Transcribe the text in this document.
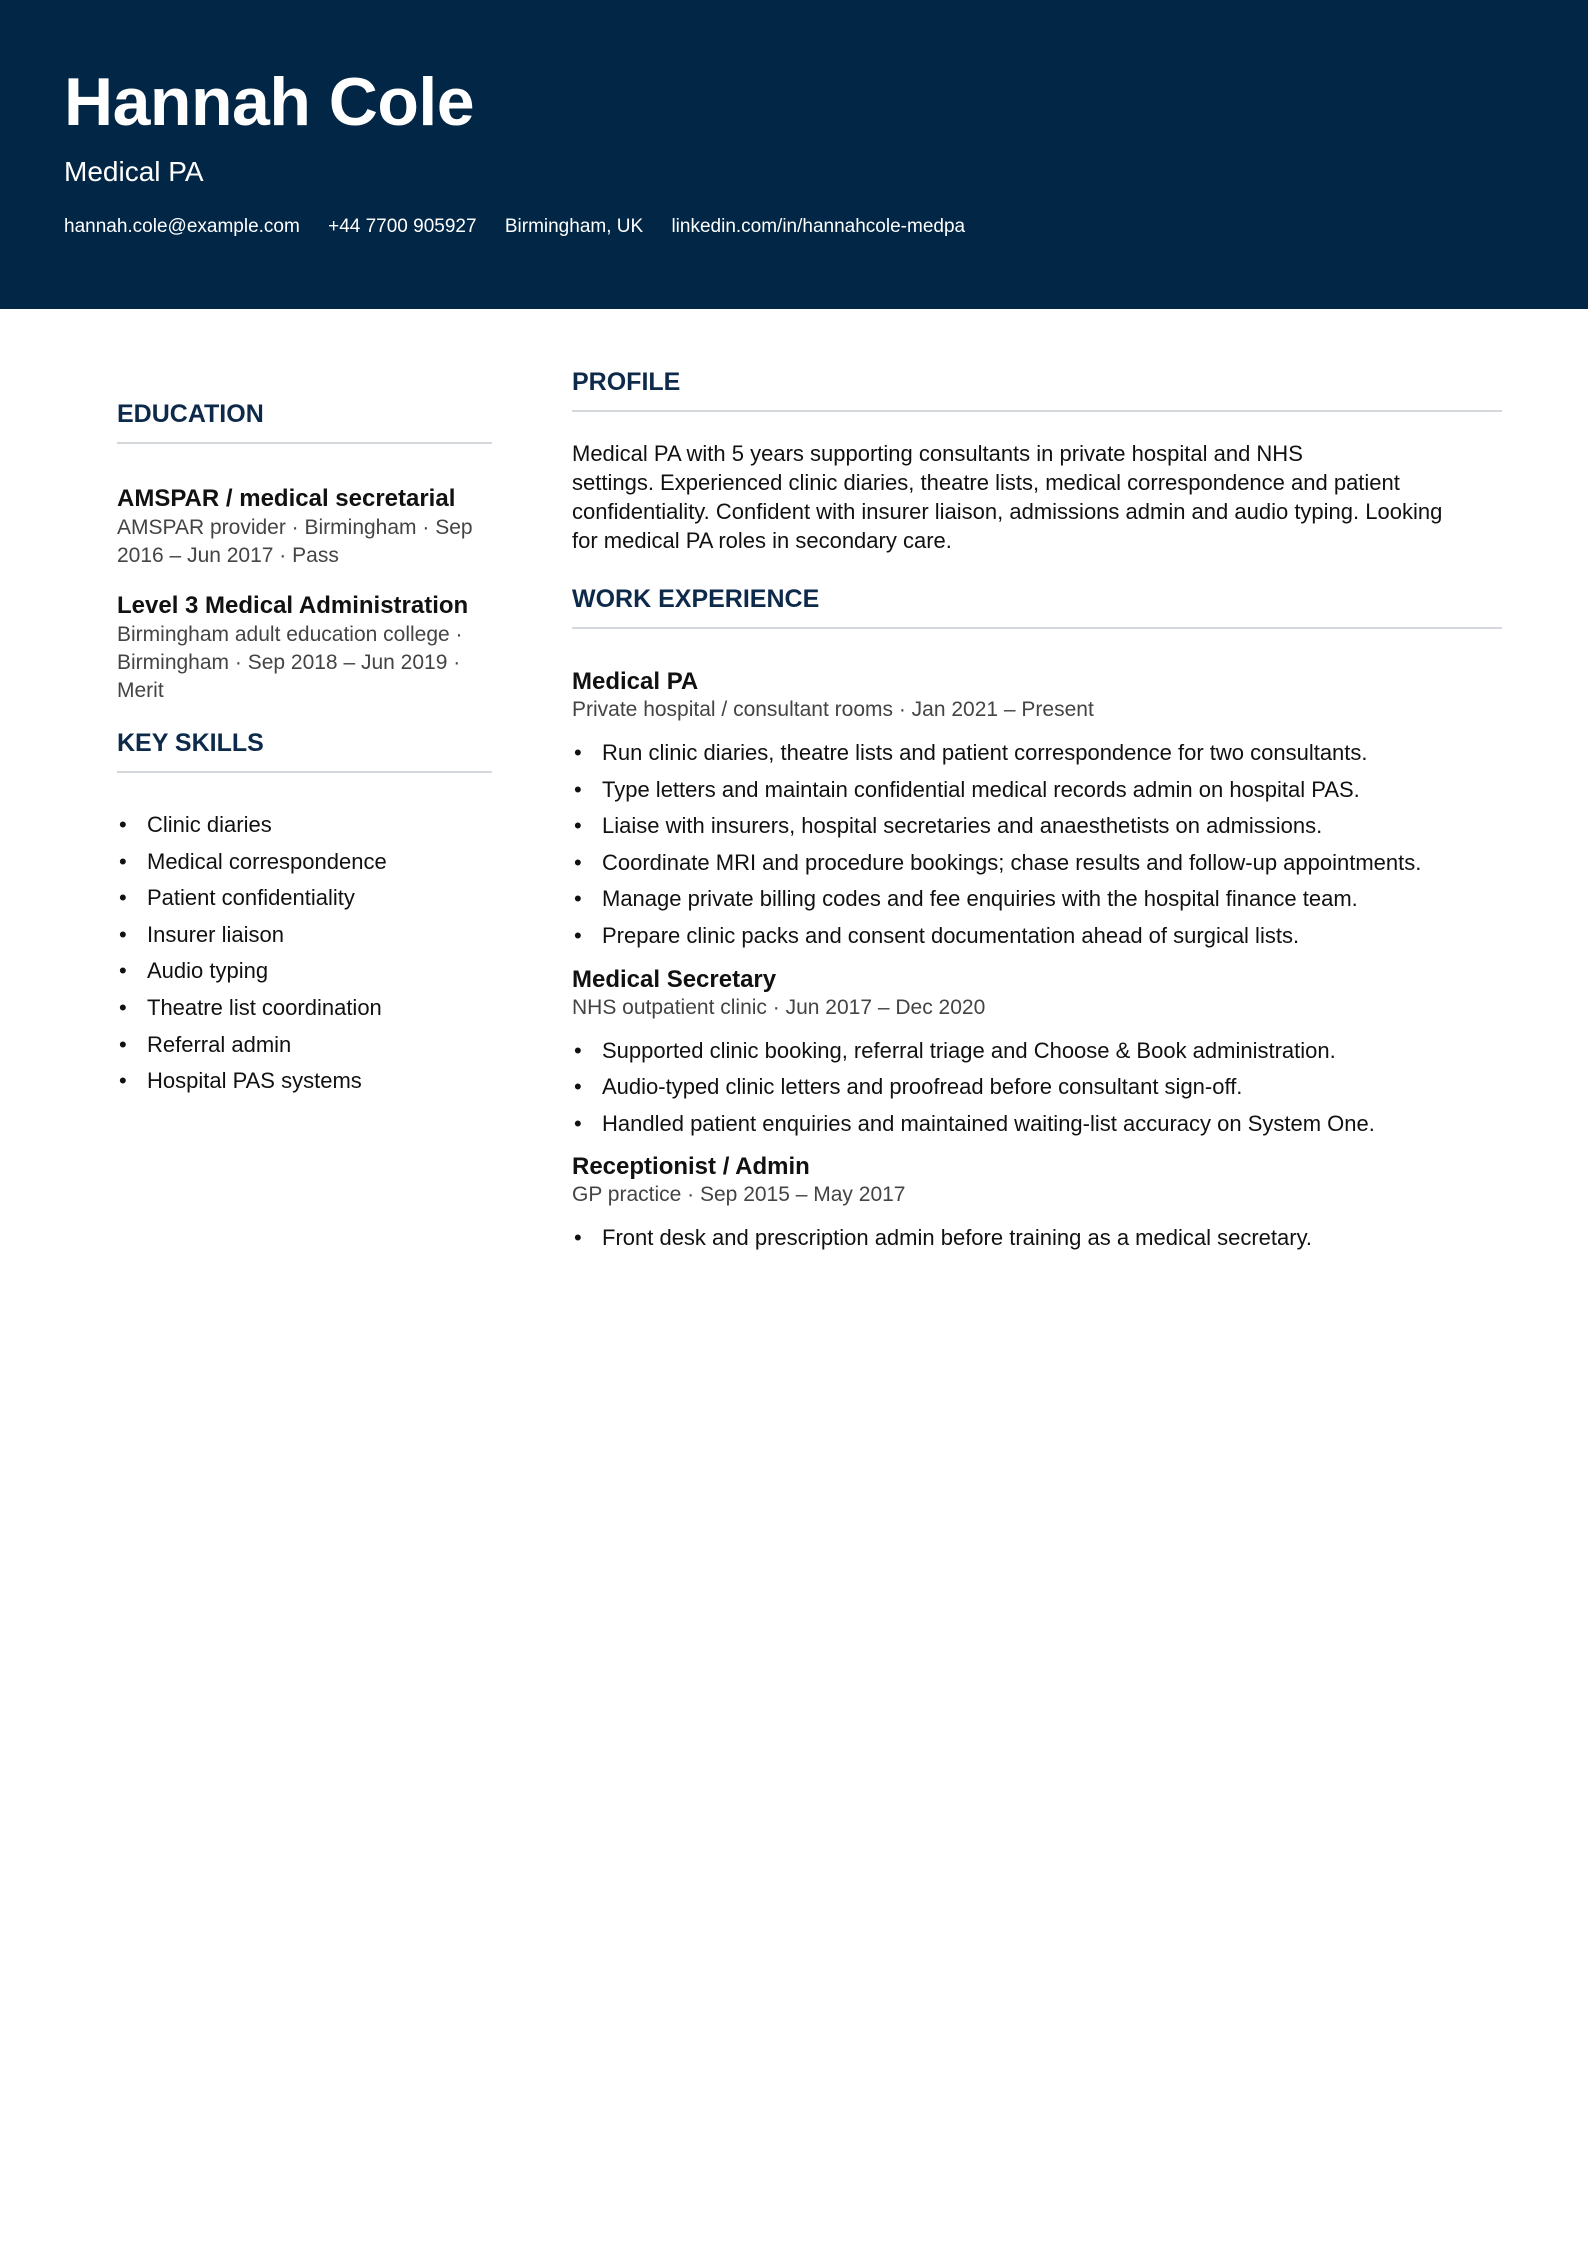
Hannah Cole
Medical PA
hannah.cole@example.com +44 7700 905927 Birmingham, UK linkedin.com/in/hannahcole-medpa
EDUCATION
AMSPAR / medical secretarial
AMSPAR provider · Birmingham · Sep
2016 – Jun 2017 · Pass
Level 3 Medical Administration
Birmingham adult education college ·
Birmingham · Sep 2018 – Jun 2019 ·
Merit
KEY SKILLS
• Clinic diaries
• Medical correspondence
• Patient confidentiality
• Insurer liaison
• Audio typing
• Theatre list coordination
• Referral admin
• Hospital PAS systems
PROFILE
Medical PA with 5 years supporting consultants in private hospital and NHS
settings. Experienced clinic diaries, theatre lists, medical correspondence and patient
confidentiality. Confident with insurer liaison, admissions admin and audio typing. Looking
for medical PA roles in secondary care.
WORK EXPERIENCE
Medical PA
Private hospital / consultant rooms · Jan 2021 – Present
• Run clinic diaries, theatre lists and patient correspondence for two consultants.
• Type letters and maintain confidential medical records admin on hospital PAS.
• Liaise with insurers, hospital secretaries and anaesthetists on admissions.
• Coordinate MRI and procedure bookings; chase results and follow-up appointments.
• Manage private billing codes and fee enquiries with the hospital finance team.
• Prepare clinic packs and consent documentation ahead of surgical lists.
Medical Secretary
NHS outpatient clinic · Jun 2017 – Dec 2020
• Supported clinic booking, referral triage and Choose & Book administration.
• Audio-typed clinic letters and proofread before consultant sign-off.
• Handled patient enquiries and maintained waiting-list accuracy on System One.
Receptionist / Admin
GP practice · Sep 2015 – May 2017
• Front desk and prescription admin before training as a medical secretary.
